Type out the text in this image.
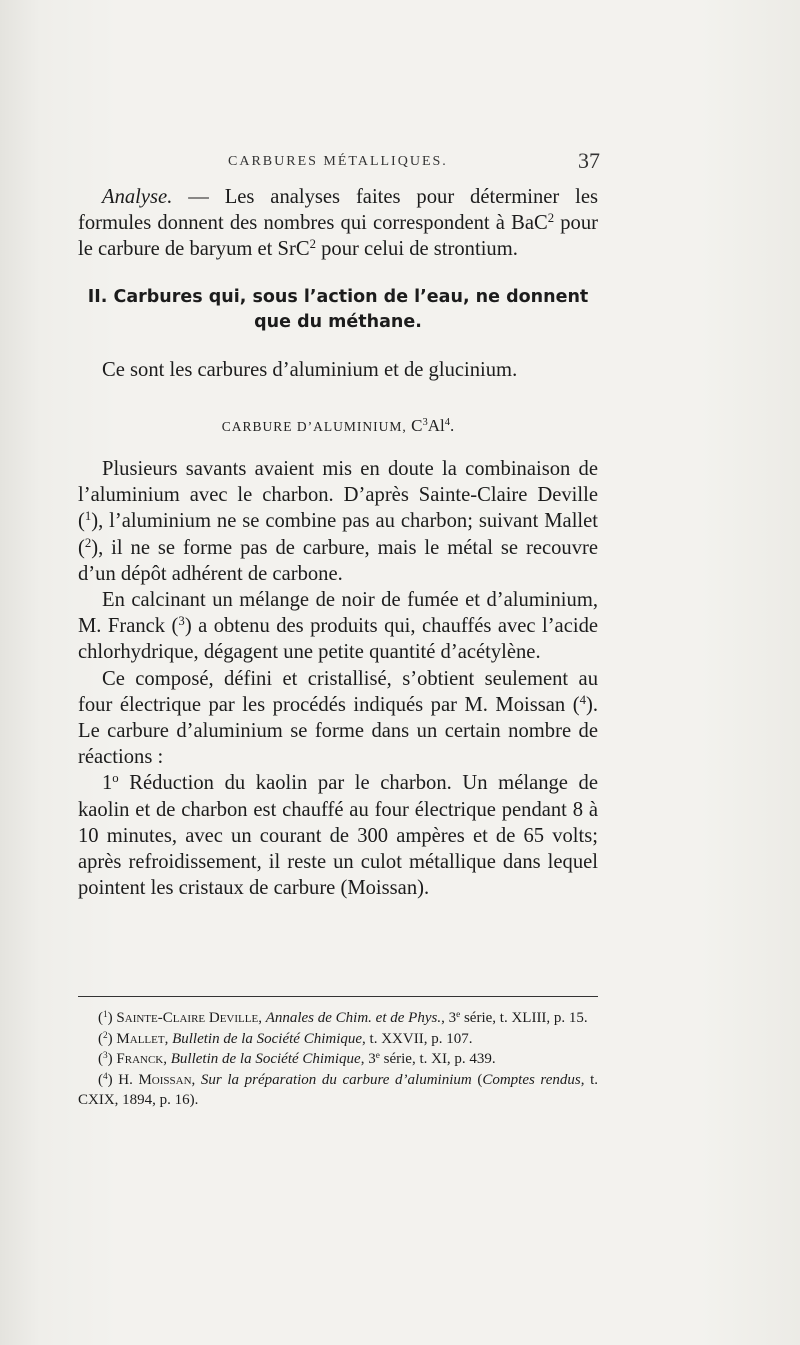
CARBURES MÉTALLIQUES.	37

Analyse. — Les analyses faites pour déterminer les formules donnent des nombres qui correspondent à BaC$^2$ pour le carbure de baryum et SrC$^2$ pour celui de strontium.

II. Carbures qui, sous l’action de l’eau, ne donnent
que du méthane.

Ce sont les carbures d’aluminium et de glucinium.

CARBURE D’ALUMINIUM, $C^3Al^4$.

Plusieurs savants avaient mis en doute la combinaison de l’aluminium avec le charbon. D’après Sainte-Claire Deville ($^1$), l’aluminium ne se combine pas au charbon; suivant Mallet ($^2$), il ne se forme pas de carbure, mais le métal se recouvre d’un dépôt adhérent de carbone.

En calcinant un mélange de noir de fumée et d’aluminium, M. Franck ($^3$) a obtenu des produits qui, chauffés avec l’acide chlorhydrique, dégagent une petite quantité d’acétylène.

Ce composé, défini et cristallisé, s’obtient seulement au four électrique par les procédés indiqués par M. Moissan ($^4$). Le carbure d’aluminium se forme dans un certain nombre de réactions :

1$^o$ Réduction du kaolin par le charbon. Un mélange de kaolin et de charbon est chauffé au four électrique pendant 8 à 10 minutes, avec un courant de 300 ampères et de 65 volts; après refroidissement, il reste un culot métallique dans lequel pointent les cristaux de carbure (Moissan).

($^1$) Sainte-Claire Deville, Annales de Chim. et de Phys., 3e série, t. XLIII, p. 15.

($^2$) Mallet, Bulletin de la Société Chimique, t. XXVII, p. 107.

($^3$) Franck, Bulletin de la Société Chimique, 3e série, t. XI, p. 439.

($^4$) H. Moissan, Sur la préparation du carbure d’aluminium (Comptes rendus, t. CXIX, 1894, p. 16).
